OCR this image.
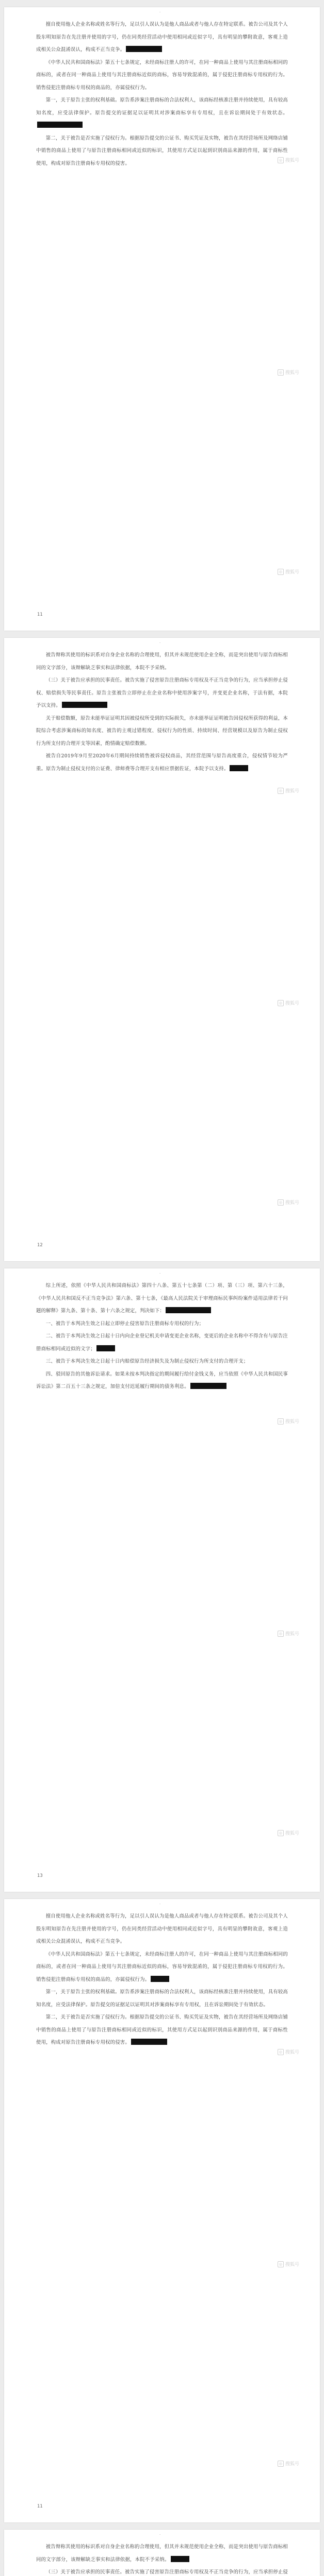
·

擅自使用他人企业名称或姓名等行为，足以引人误认为是他人商品或者与他人存在特定联系。被告公司及其个人股东明知原告在先注册并使用的字号，仍在同类经营活动中使用相同或近似字号，具有明显的攀附故意，客观上造成相关公众混淆误认，构成不正当竞争。

《中华人民共和国商标法》第五十七条规定，未经商标注册人的许可，在同一种商品上使用与其注册商标相同的商标的，或者在同一种商品上使用与其注册商标近似的商标，容易导致混淆的，属于侵犯注册商标专用权的行为。销售侵犯注册商标专用权的商品的，亦属侵权行为。

第一，关于原告主张的权利基础。原告系涉案注册商标的合法权利人，该商标经核准注册并持续使用，具有较高知名度，应受法律保护。原告提交的证据足以证明其对涉案商标享有专用权，且在诉讼期间处于有效状态。

第二，关于被告是否实施了侵权行为。根据原告提交的公证书、购买凭证及实物，被告在其经营场所及网络店铺中销售的商品上使用了与原告注册商标相同或近似的标识，其使用方式足以起到识别商品来源的作用，属于商标性使用，构成对原告注册商标专用权的侵害。

◎ 搜狐号
◎ 搜狐号
◎ 搜狐号
11
·

被告辩称其使用的标识系对自身企业名称的合理使用，但其并未规范使用企业全称，而是突出使用与原告商标相同的文字部分，该辩解缺乏事实和法律依据，本院不予采纳。

（三）关于被告应承担的民事责任。被告实施了侵害原告注册商标专用权及不正当竞争的行为，应当承担停止侵权、赔偿损失等民事责任。原告主张被告立即停止在企业名称中使用涉案字号，并变更企业名称，于法有据，本院予以支持。

关于赔偿数额，原告未能举证证明其因被侵权所受到的实际损失，亦未能举证证明被告因侵权所获得的利益，本院综合考虑涉案商标的知名度、被告的主观过错程度、侵权行为的性质、持续时间、经营规模以及原告为制止侵权行为所支付的合理开支等因素，酌情确定赔偿数额。

被告自2019年9月至2020年6月期间持续销售被诉侵权商品，其经营范围与原告高度重合，侵权情节较为严重。原告为制止侵权支付的公证费、律师费等合理开支有相应票据佐证，本院予以支持。

◎ 搜狐号
◎ 搜狐号
◎ 搜狐号
12
·

综上所述，依照《中华人民共和国商标法》第四十八条、第五十七条第（二）项、第（三）项、第六十三条，《中华人民共和国反不正当竞争法》第六条、第十七条，《最高人民法院关于审理商标民事纠纷案件适用法律若干问题的解释》第九条、第十条、第十六条之规定，判决如下：

一、被告于本判决生效之日起立即停止侵害原告注册商标专用权的行为；

二、被告于本判决生效之日起十日内向企业登记机关申请变更企业名称，变更后的企业名称中不得含有与原告注册商标相同或近似的文字；

三、被告于本判决生效之日起十日内赔偿原告经济损失及为制止侵权行为所支付的合理开支；

四、驳回原告的其他诉讼请求。如果未按本判决指定的期间履行给付金钱义务，应当依照《中华人民共和国民事诉讼法》第二百五十三条之规定，加倍支付迟延履行期间的债务利息。

◎ 搜狐号
◎ 搜狐号
◎ 搜狐号
13
·

擅自使用他人企业名称或姓名等行为，足以引人误认为是他人商品或者与他人存在特定联系。被告公司及其个人股东明知原告在先注册并使用的字号，仍在同类经营活动中使用相同或近似字号，具有明显的攀附故意，客观上造成相关公众混淆误认，构成不正当竞争。

《中华人民共和国商标法》第五十七条规定，未经商标注册人的许可，在同一种商品上使用与其注册商标相同的商标的，或者在同一种商品上使用与其注册商标近似的商标，容易导致混淆的，属于侵犯注册商标专用权的行为。销售侵犯注册商标专用权的商品的，亦属侵权行为。

第一，关于原告主张的权利基础。原告系涉案注册商标的合法权利人，该商标经核准注册并持续使用，具有较高知名度，应受法律保护。原告提交的证据足以证明其对涉案商标享有专用权，且在诉讼期间处于有效状态。

第二，关于被告是否实施了侵权行为。根据原告提交的公证书、购买凭证及实物，被告在其经营场所及网络店铺中销售的商品上使用了与原告注册商标相同或近似的标识，其使用方式足以起到识别商品来源的作用，属于商标性使用，构成对原告注册商标专用权的侵害。

◎ 搜狐号
◎ 搜狐号
◎ 搜狐号
11
·

被告辩称其使用的标识系对自身企业名称的合理使用，但其并未规范使用企业全称，而是突出使用与原告商标相同的文字部分，该辩解缺乏事实和法律依据，本院不予采纳。

（三）关于被告应承担的民事责任。被告实施了侵害原告注册商标专用权及不正当竞争的行为，应当承担停止侵
